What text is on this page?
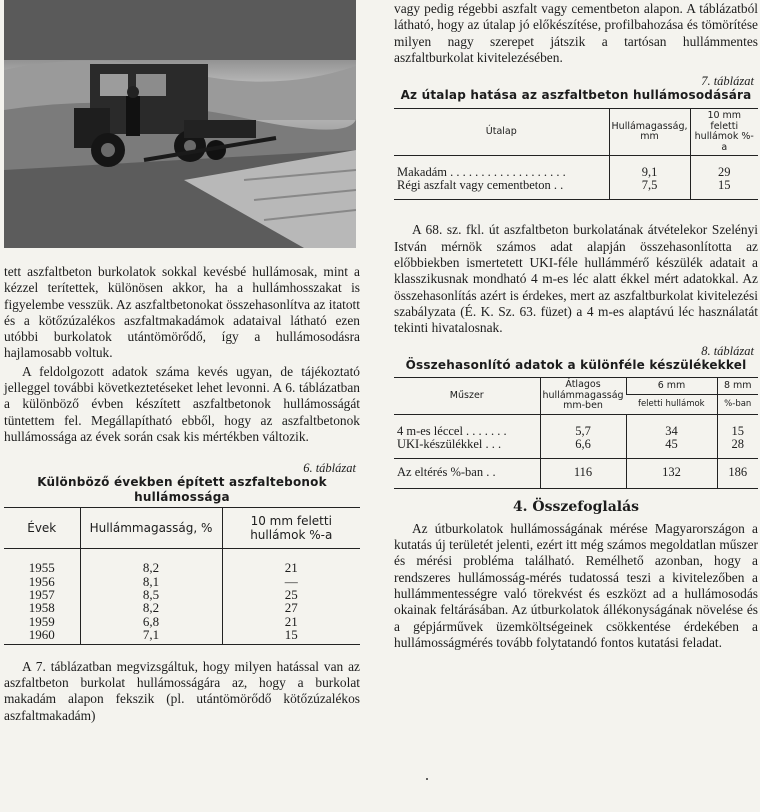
tett aszfaltbeton burkolatok sokkal kevésbé hullámosak, mint a kézzel terítettek, különösen akkor, ha a hullámhosszakat is figyelembe vesszük. Az aszfaltbetonokat összehasonlítva az itatott és a kötőzúzalékos aszfaltmakadámok adataival látható ezen utóbbi burkolatok utántömörődő, így a hullámosodásra hajlamosabb voltuk.

A feldolgozott adatok száma kevés ugyan, de tájékoztató jelleggel további következtetéseket lehet levonni. A 6. táblázatban a különböző évben készített aszfaltbetonok hullámosságát tüntettem fel. Megállapítható ebből, hogy az aszfaltbetonok hullámossága az évek során csak kis mértékben változik.

6. táblázat
Különböző években épített aszfaltebonok hullámossága
Évek	Hullámmagasság, %	10 mm feletti hullámok %-a
1955	8,2	21
1956	8,1	—
1957	8,5	25
1958	8,2	27
1959	6,8	21
1960	7,1	15

A 7. táblázatban megvizsgáltuk, hogy milyen hatással van az aszfaltbeton burkolat hullámosságára az, hogy a burkolat makadám alapon fekszik (pl. utántömörődő kötőzúzalékos aszfaltmakadám)

vagy pedig régebbi aszfalt vagy cementbeton alapon. A táblázatból látható, hogy az útalap jó előkészítése, profilbahozása és tömörítése milyen nagy szerepet játszik a tartósan hullámmentes aszfaltburkolat kivitelezésében.

7. táblázat
Az útalap hatása az aszfaltbeton hullámosodására
Útalap	Hullámagasság, mm	10 mm feletti hullámok %-a
Makadám . . . . . . . . . . . . . . . . . . .	9,1	29
Régi aszfalt vagy cementbeton . .	7,5	15

A 68. sz. fkl. út aszfaltbeton burkolatának átvételekor Szelényi István mérnök számos adat alapján összehasonlította az előbbiekben ismertetett UKI-féle hullámmérő készülék adatait a klasszikusnak mondható 4 m-es léc alatt ékkel mért adatokkal. Az összehasonlítás azért is érdekes, mert az aszfaltburkolat kivitelezési szabályzata (É. K. Sz. 63. füzet) a 4 m-es alaptávú léc használatát tekinti hivatalosnak.

8. táblázat
Összehasonlító adatok a különféle készülékekkel
Műszer	Átlagos hullámmagasság mm-ben	6 mm	8 mm
		feletti hullámok	%-ban
4 m-es léccel . . . . . . .	5,7	34	15
UKI-készülékkel . . .	6,6	45	28
Az eltérés %-ban . .	116	132	186
4. Összefoglalás

Az útburkolatok hullámosságának mérése Magyarországon a kutatás új területét jelenti, ezért itt még számos megoldatlan műszer és mérési probléma található. Remélhető azonban, hogy a rendszeres hullámosság-mérés tudatossá teszi a kivitelezőben a hullámmentességre való törekvést és eszközt ad a hullámosodás okainak feltárásában. Az útburkolatok állékonyságának növelése és a gépjárművek üzemköltségeinek csökkentése érdekében a hullámosságmérés tovább folytatandó fontos kutatási feladat.
